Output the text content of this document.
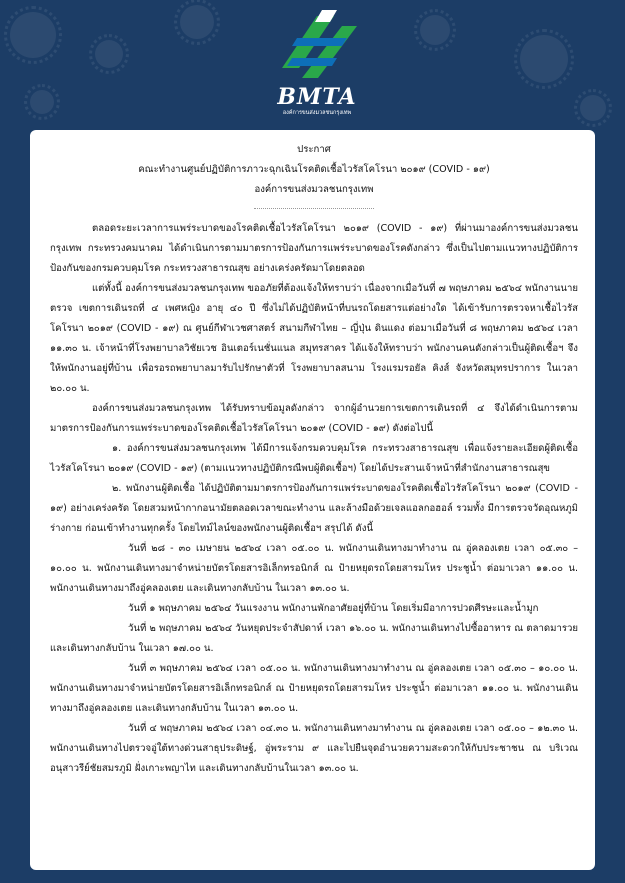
BMTA
องค์การขนส่งมวลชนกรุงเทพ
ประกาศ
คณะทำงานศูนย์ปฏิบัติการภาวะฉุกเฉินโรคติดเชื้อไวรัสโคโรนา ๒๐๑๙ (COVID - ๑๙)
องค์การขนส่งมวลชนกรุงเทพ

ตลอดระยะเวลาการแพร่ระบาดของโรคติดเชื้อไวรัสโคโรนา ๒๐๑๙ (COVID - ๑๙) ที่ผ่านมาองค์การขนส่งมวลชนกรุงเทพ กระทรวงคมนาคม ได้ดำเนินการตามมาตรการป้องกันการแพร่ระบาดของโรคดังกล่าว ซึ่งเป็นไปตามแนวทางปฏิบัติการป้องกันของกรมควบคุมโรค กระทรวงสาธารณสุข อย่างเคร่งครัดมาโดยตลอด

แต่ทั้งนี้ องค์การขนส่งมวลชนกรุงเทพ ขออภัยที่ต้องแจ้งให้ทราบว่า เนื่องจากเมื่อวันที่ ๗ พฤษภาคม ๒๕๖๔ พนักงานนายตรวจ เขตการเดินรถที่ ๔ เพศหญิง อายุ ๔๐ ปี ซึ่งไม่ได้ปฏิบัติหน้าที่บนรถโดยสารแต่อย่างใด ได้เข้ารับการตรวจหาเชื้อไวรัสโคโรนา ๒๐๑๙ (COVID - ๑๙) ณ ศูนย์กีฬาเวชศาสตร์ สนามกีฬาไทย – ญี่ปุ่น ดินแดง ต่อมาเมื่อวันที่ ๘ พฤษภาคม ๒๕๖๔ เวลา ๑๑.๓๐ น. เจ้าหน้าที่โรงพยาบาลวิชัยเวช อินเตอร์เนชั่นแนล สมุทรสาคร ได้แจ้งให้ทราบว่า พนักงานคนดังกล่าวเป็นผู้ติดเชื้อฯ จึงให้พนักงานอยู่ที่บ้าน เพื่อรอรถพยาบาลมารับไปรักษาตัวที่ โรงพยาบาลสนาม โรงแรมรอยัล คิงส์ จังหวัดสมุทรปราการ ในเวลา ๒๐.๐๐ น.

องค์การขนส่งมวลชนกรุงเทพ ได้รับทราบข้อมูลดังกล่าว จากผู้อำนวยการเขตการเดินรถที่ ๔ จึงได้ดำเนินการตามมาตรการป้องกันการแพร่ระบาดของโรคติดเชื้อไวรัสโคโรนา ๒๐๑๙ (COVID - ๑๙) ดังต่อไปนี้

๑. องค์การขนส่งมวลชนกรุงเทพ ได้มีการแจ้งกรมควบคุมโรค กระทรวงสาธารณสุข เพื่อแจ้งรายละเอียดผู้ติดเชื้อไวรัสโคโรนา ๒๐๑๙ (COVID - ๑๙) (ตามแนวทางปฏิบัติกรณีพบผู้ติดเชื้อฯ) โดยได้ประสานเจ้าหน้าที่สำนักงานสาธารณสุข

๒. พนักงานผู้ติดเชื้อ ได้ปฏิบัติตามมาตรการป้องกันการแพร่ระบาดของโรคติดเชื้อไวรัสโคโรนา ๒๐๑๙ (COVID - ๑๙) อย่างเคร่งครัด โดยสวมหน้ากากอนามัยตลอดเวลาขณะทำงาน และล้างมือด้วยเจลแอลกอฮอล์ รวมทั้ง มีการตรวจวัดอุณหภูมิร่างกาย ก่อนเข้าทำงานทุกครั้ง โดยไทม์ไลน์ของพนักงานผู้ติดเชื้อฯ สรุปได้ ดังนี้

วันที่ ๒๘ - ๓๐ เมษายน ๒๕๖๔ เวลา ๐๕.๐๐ น. พนักงานเดินทางมาทำงาน ณ อู่คลองเตย เวลา ๐๕.๓๐ – ๑๐.๐๐ น. พนักงานเดินทางมาจำหน่ายบัตรโดยสารอิเล็กทรอนิกส์ ณ ป้ายหยุดรถโดยสารมโหร ประชูน้ำ ต่อมาเวลา ๑๑.๐๐ น. พนักงานเดินทางมาถึงอู่คลองเตย และเดินทางกลับบ้าน ในเวลา ๑๓.๐๐ น.

วันที่ ๑ พฤษภาคม ๒๕๖๔ วันแรงงาน พนักงานพักอาศัยอยู่ที่บ้าน โดยเริ่มมีอาการปวดศีรษะและน้ำมูก

วันที่ ๒ พฤษภาคม ๒๕๖๔ วันหยุดประจำสัปดาห์ เวลา ๑๖.๐๐ น. พนักงานเดินทางไปซื้ออาหาร ณ ตลาดมารวย และเดินทางกลับบ้าน ในเวลา ๑๗.๐๐ น.

วันที่ ๓ พฤษภาคม ๒๕๖๔ เวลา ๐๕.๐๐ น. พนักงานเดินทางมาทำงาน ณ อู่คลองเตย เวลา ๐๕.๓๐ – ๑๐.๐๐ น. พนักงานเดินทางมาจำหน่ายบัตรโดยสารอิเล็กทรอนิกส์ ณ ป้ายหยุดรถโดยสารมโหร ประชูน้ำ ต่อมาเวลา ๑๑.๐๐ น. พนักงานเดินทางมาถึงอู่คลองเตย และเดินทางกลับบ้าน ในเวลา ๑๓.๐๐ น.

วันที่ ๔ พฤษภาคม ๒๕๖๔ เวลา ๐๔.๓๐ น. พนักงานเดินทางมาทำงาน ณ อู่คลองเตย เวลา ๐๕.๐๐ – ๑๒.๓๐ น. พนักงานเดินทางไปตรวจอู่ใต้ทางด่วนสาธุประดิษฐ์, อู่พระราม ๙ และไปยืนจุดอำนวยความสะดวกให้กับประชาชน ณ บริเวณอนุสาวรีย์ชัยสมรภูมิ ฝั่งเกาะพญาไท และเดินทางกลับบ้านในเวลา ๑๓.๐๐ น.
